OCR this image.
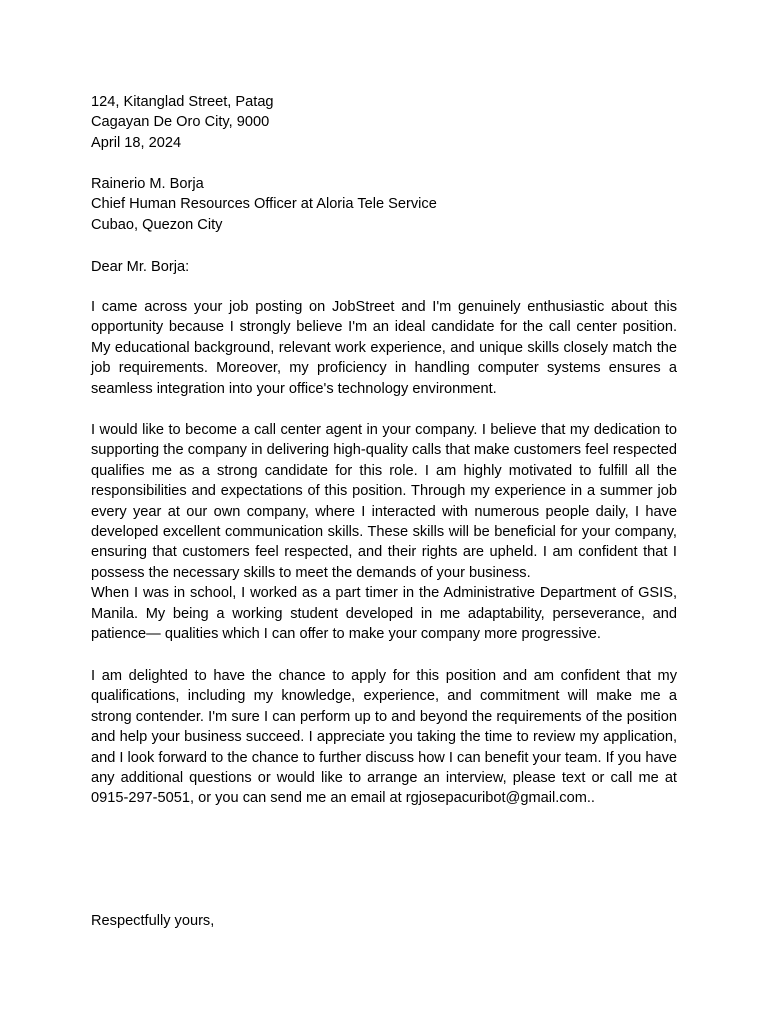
124, Kitanglad Street, Patag
Cagayan De Oro City, 9000
April 18, 2024
Rainerio M. Borja
Chief Human Resources Officer at Aloria Tele Service
Cubao, Quezon City
Dear Mr. Borja:

I came across your job posting on JobStreet and I'm genuinely enthusiastic about this opportunity because I strongly believe I'm an ideal candidate for the call center position. My educational background, relevant work experience, and unique skills closely match the job requirements. Moreover, my proficiency in handling computer systems ensures a seamless integration into your office's technology environment.

I would like to become a call center agent in your company. I believe that my dedication to supporting the company in delivering high-quality calls that make customers feel respected qualifies me as a strong candidate for this role. I am highly motivated to fulfill all the responsibilities and expectations of this position. Through my experience in a summer job every year at our own company, where I interacted with numerous people daily, I have developed excellent communication skills. These skills will be beneficial for your company, ensuring that customers feel respected, and their rights are upheld. I am confident that I possess the necessary skills to meet the demands of your business.

When I was in school, I worked as a part timer in the Administrative Department of GSIS, Manila. My being a working student developed in me adaptability, perseverance, and patience— qualities which I can offer to make your company more progressive.

I am delighted to have the chance to apply for this position and am confident that my qualifications, including my knowledge, experience, and commitment will make me a strong contender. I'm sure I can perform up to and beyond the requirements of the position and help your business succeed. I appreciate you taking the time to review my application, and I look forward to the chance to further discuss how I can benefit your team. If you have any additional questions or would like to arrange an interview, please text or call me at 0915-297-5051, or you can send me an email at rgjosepacuribot@gmail.com..

Respectfully yours,
